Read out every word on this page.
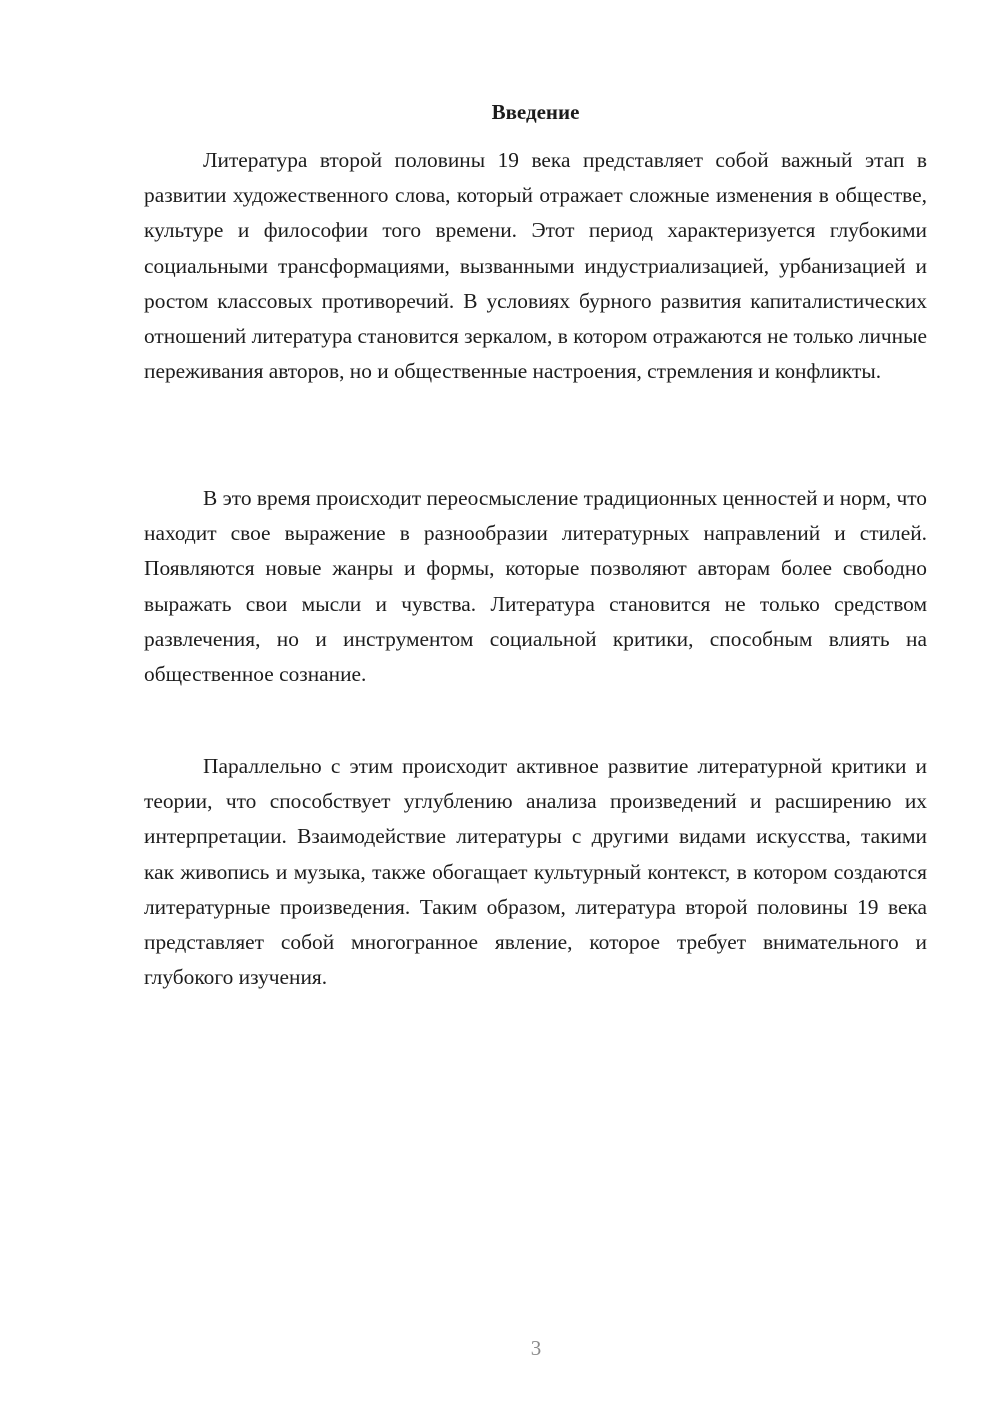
Введение

Литература второй половины 19 века представляет собой важный этап в развитии художественного слова, который отражает сложные изменения в обществе, культуре и философии того времени. Этот период характеризуется глубокими социальными трансформациями, вызванными индустриализацией, урбанизацией и ростом классовых противоречий. В условиях бурного развития капиталистических отношений литература становится зеркалом, в котором отражаются не только личные переживания авторов, но и общественные настроения, стремления и конфликты.

В это время происходит переосмысление традиционных ценностей и норм, что находит свое выражение в разнообразии литературных направлений и стилей. Появляются новые жанры и формы, которые позволяют авторам более свободно выражать свои мысли и чувства. Литература становится не только средством развлечения, но и инструментом социальной критики, способным влиять на общественное сознание.

Параллельно с этим происходит активное развитие литературной критики и теории, что способствует углублению анализа произведений и расширению их интерпретации. Взаимодействие литературы с другими видами искусства, такими как живопись и музыка, также обогащает культурный контекст, в котором создаются литературные произведения. Таким образом, литература второй половины 19 века представляет собой многогранное явление, которое требует внимательного и глубокого изучения.

3
